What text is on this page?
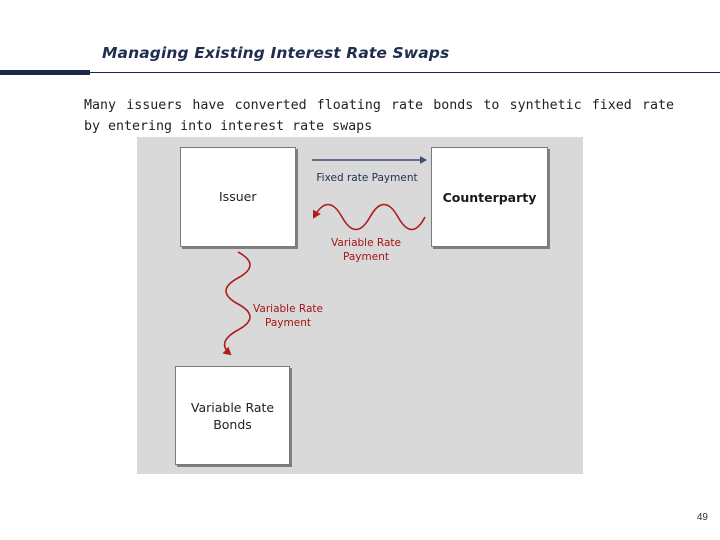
Managing Existing Interest Rate Swaps
Many issuers have converted floating rate bonds to synthetic fixed rate by entering into interest rate swaps
Issuer	Counterparty
Variable Rate
Bonds
Fixed rate Payment
Variable Rate
Payment
Variable Rate
Payment
49
